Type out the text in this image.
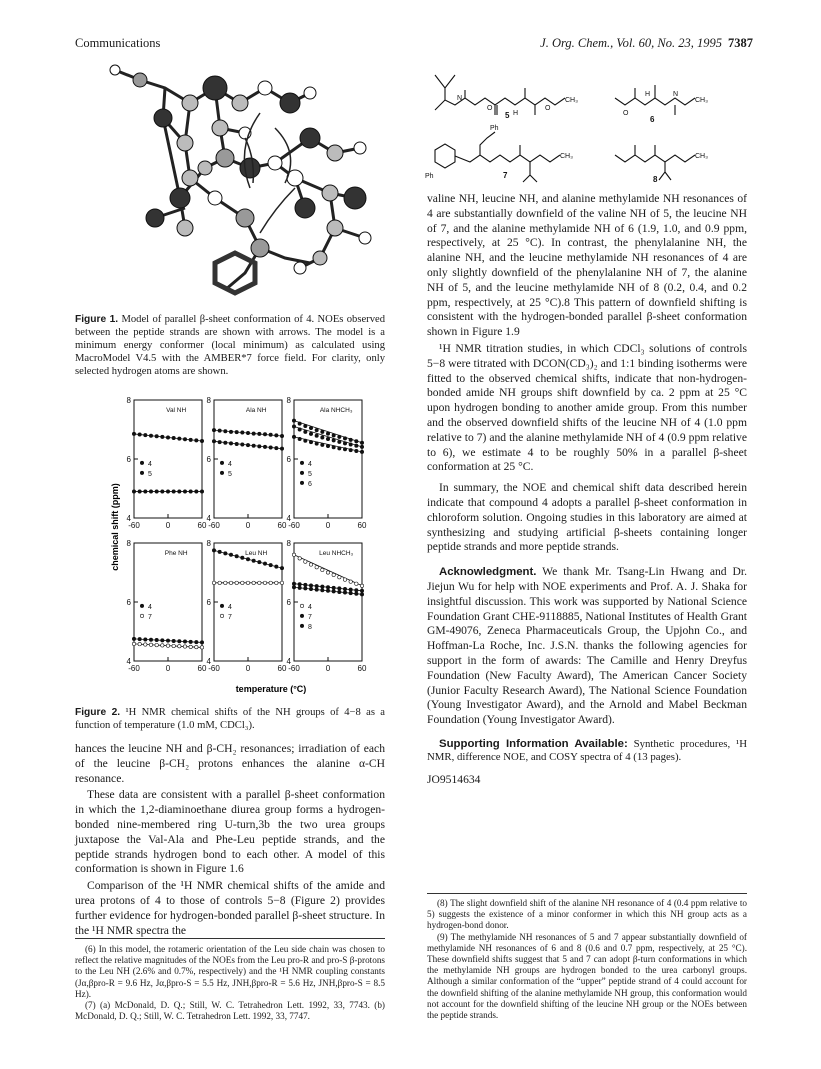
Communications	J. Org. Chem., Vol. 60, No. 23, 1995 7387
Figure 1. Model of parallel β-sheet conformation of 4. NOEs observed between the peptide strands are shown with arrows. The model is a minimum energy conformer (local minimum) as calculated using MacroModel V4.5 with the AMBER*7 force field. For clarity, only selected hydrogen atoms are shown.
chemical shift (ppm)
temperature (°C)
Val NH
8
6
4
-60	0	60
4
5
Ala NH
8
6
4
-60	0	60
4
5
Ala NHCH₃
8
6
4
-60	0	60
4
5
6
Phe NH
8
6
4
-60	0	60
4
7
Leu NH
8
6
4
-60	0	60
4
7
Leu NHCH₃
8
6
4
-60	0	60
4
7
8
Figure 2. ¹H NMR chemical shifts of the NH groups of 4−8 as a function of temperature (1.0 mM, CDCl₃).

hances the leucine NH and β-CH₂ resonances; irradiation of each of the leucine β-CH₂ protons enhances the alanine α-CH resonance.

These data are consistent with a parallel β-sheet conformation in which the 1,2-diaminoethane diurea group forms a hydrogen-bonded nine-membered ring U-turn,3b the two urea groups juxtapose the Val-Ala and Phe-Leu peptide strands, and the peptide strands hydrogen bond to each other. A model of this conformation is shown in Figure 1.6

Comparison of the ¹H NMR chemical shifts of the amide and urea protons of 4 to those of controls 5−8 (Figure 2) provides further evidence for hydrogen-bonded parallel β-sheet structure. In the ¹H NMR spectra the

(6) In this model, the rotameric orientation of the Leu side chain was chosen to reflect the relative magnitudes of the NOEs from the Leu pro-R and pro-S β-protons to the Leu NH (2.6% and 0.7%, respectively) and the ¹H NMR coupling constants (Jα,βpro-R = 9.6 Hz, Jα,βpro-S = 5.5 Hz, JNH,βpro-R = 5.6 Hz, JNH,βpro-S = 8.5 Hz).

(7) (a) McDonald, D. Q.; Still, W. C. Tetrahedron Lett. 1992, 33, 7743. (b) McDonald, D. Q.; Still, W. C. Tetrahedron Lett. 1992, 33, 7747.

N
O
H
O
CH₃
O
H	N
CH₃
Ph
Ph
CH₃	CH₃
5	6
7	8

valine NH, leucine NH, and alanine methylamide NH resonances of 4 are substantially downfield of the valine NH of 5, the leucine NH of 7, and the alanine methylamide NH of 6 (1.9, 1.0, and 0.9 ppm, respectively, at 25 °C). In contrast, the phenylalanine NH, the alanine NH, and the leucine methylamide NH resonances of 4 are only slightly downfield of the phenylalanine NH of 7, the alanine NH of 5, and the leucine methylamide NH of 8 (0.2, 0.4, and 0.2 ppm, respectively, at 25 °C).8 This pattern of downfield shifting is consistent with the hydrogen-bonded parallel β-sheet conformation shown in Figure 1.9

¹H NMR titration studies, in which CDCl₃ solutions of controls 5−8 were titrated with DCON(CD₃)₂ and 1:1 binding isotherms were fitted to the observed chemical shifts, indicate that non-hydrogen-bonded amide NH groups shift downfield by ca. 2 ppm at 25 °C upon hydrogen bonding to another amide group. From this number and the observed downfield shifts of the leucine NH of 4 (1.0 ppm relative to 7) and the alanine methylamide NH of 4 (0.9 ppm relative to 6), we estimate 4 to be roughly 50% in a parallel β-sheet conformation at 25 °C.

In summary, the NOE and chemical shift data described herein indicate that compound 4 adopts a parallel β-sheet conformation in chloroform solution. Ongoing studies in this laboratory are aimed at synthesizing and studying artificial β-sheets containing longer peptide strands and more peptide strands.

Acknowledgment. We thank Mr. Tsang-Lin Hwang and Dr. Jiejun Wu for help with NOE experiments and Prof. A. J. Shaka for insightful discussion. This work was supported by National Science Foundation Grant CHE-9118885, National Institutes of Health Grant GM-49076, Zeneca Pharmaceuticals Group, the Upjohn Co., and Hoffman-La Roche, Inc. J.S.N. thanks the following agencies for support in the form of awards: The Camille and Henry Dreyfus Foundation (New Faculty Award), The American Cancer Society (Junior Faculty Research Award), The National Science Foundation (Young Investigator Award), and the Arnold and Mabel Beckman Foundation (Young Investigator Award).

Supporting Information Available: Synthetic procedures, ¹H NMR, difference NOE, and COSY spectra of 4 (13 pages).

JO9514634

(8) The slight downfield shift of the alanine NH resonance of 4 (0.4 ppm relative to 5) suggests the existence of a minor conformer in which this NH group acts as a hydrogen-bond donor.

(9) The methylamide NH resonances of 5 and 7 appear substantially downfield of methylamide NH resonances of 6 and 8 (0.6 and 0.7 ppm, respectively, at 25 °C). These downfield shifts suggest that 5 and 7 can adopt β-turn conformations in which the methylamide NH groups are hydrogen bonded to the urea carbonyl groups. Although a similar conformation of the “upper” peptide strand of 4 could account for the downfield shifting of the alanine methylamide NH group, this conformation would not account for the downfield shifting of the leucine NH group or the NOEs between the peptide strands.
